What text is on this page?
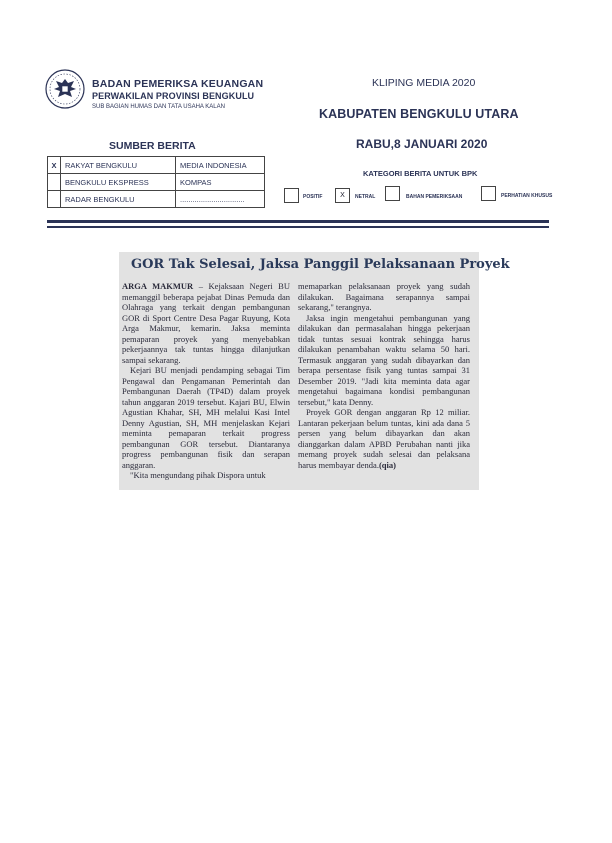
BADAN PEMERIKSA KEUANGAN
PERWAKILAN PROVINSI BENGKULU
SUB BAGIAN HUMAS DAN TATA USAHA KALAN
KLIPING MEDIA 2020
KABUPATEN BENGKULU UTARA
RABU,8 JANUARI 2020
SUMBER BERITA
X	RAKYAT BENGKULU	MEDIA INDONESIA
	BENGKULU EKSPRESS	KOMPAS
	RADAR BENGKULU	...............................
KATEGORI BERITA UNTUK BPK
POSITIF	X	NETRAL	BAHAN PEMERIKSAAN	PERHATIAN KHUSUS
GOR Tak Selesai, Jaksa Panggil Pelaksanaan Proyek

ARGA MAKMUR – Kejaksaan Negeri BU memanggil beberapa pejabat Dinas Pemuda dan Olahraga yang terkait dengan pembangunan GOR di Sport Centre Desa Pagar Ruyung, Kota Arga Makmur, kemarin. Jaksa meminta pemaparan proyek yang menyebabkan pekerjaannya tak tuntas hingga dilanjutkan sampai sekarang.

Kejari BU menjadi pendamping sebagai Tim Pengawal dan Pengamanan Pemerintah dan Pembangunan Daerah (TP4D) dalam proyek tahun anggaran 2019 tersebut. Kajari BU, Elwin Agustian Khahar, SH, MH melalui Kasi Intel Denny Agustian, SH, MH menjelaskan Kejari meminta pemaparan terkait progress pembangunan GOR tersebut. Diantaranya progress pembangunan fisik dan serapan anggaran.

"Kita mengundang pihak Dispora untuk

memaparkan pelaksanaan proyek yang sudah dilakukan. Bagaimana serapannya sampai sekarang," terangnya.

Jaksa ingin mengetahui pembangunan yang dilakukan dan permasalahan hingga pekerjaan tidak tuntas sesuai kontrak sehingga harus dilakukan penambahan waktu selama 50 hari. Termasuk anggaran yang sudah dibayarkan dan berapa persentase fisik yang tuntas sampai 31 Desember 2019. "Jadi kita meminta data agar mengetahui bagaimana kondisi pembangunan tersebut," kata Denny.

Proyek GOR dengan anggaran Rp 12 miliar. Lantaran pekerjaan belum tuntas, kini ada dana 5 persen yang belum dibayarkan dan akan dianggarkan dalam APBD Perubahan nanti jika memang proyek sudah selesai dan pelaksana harus membayar denda.(qia)
